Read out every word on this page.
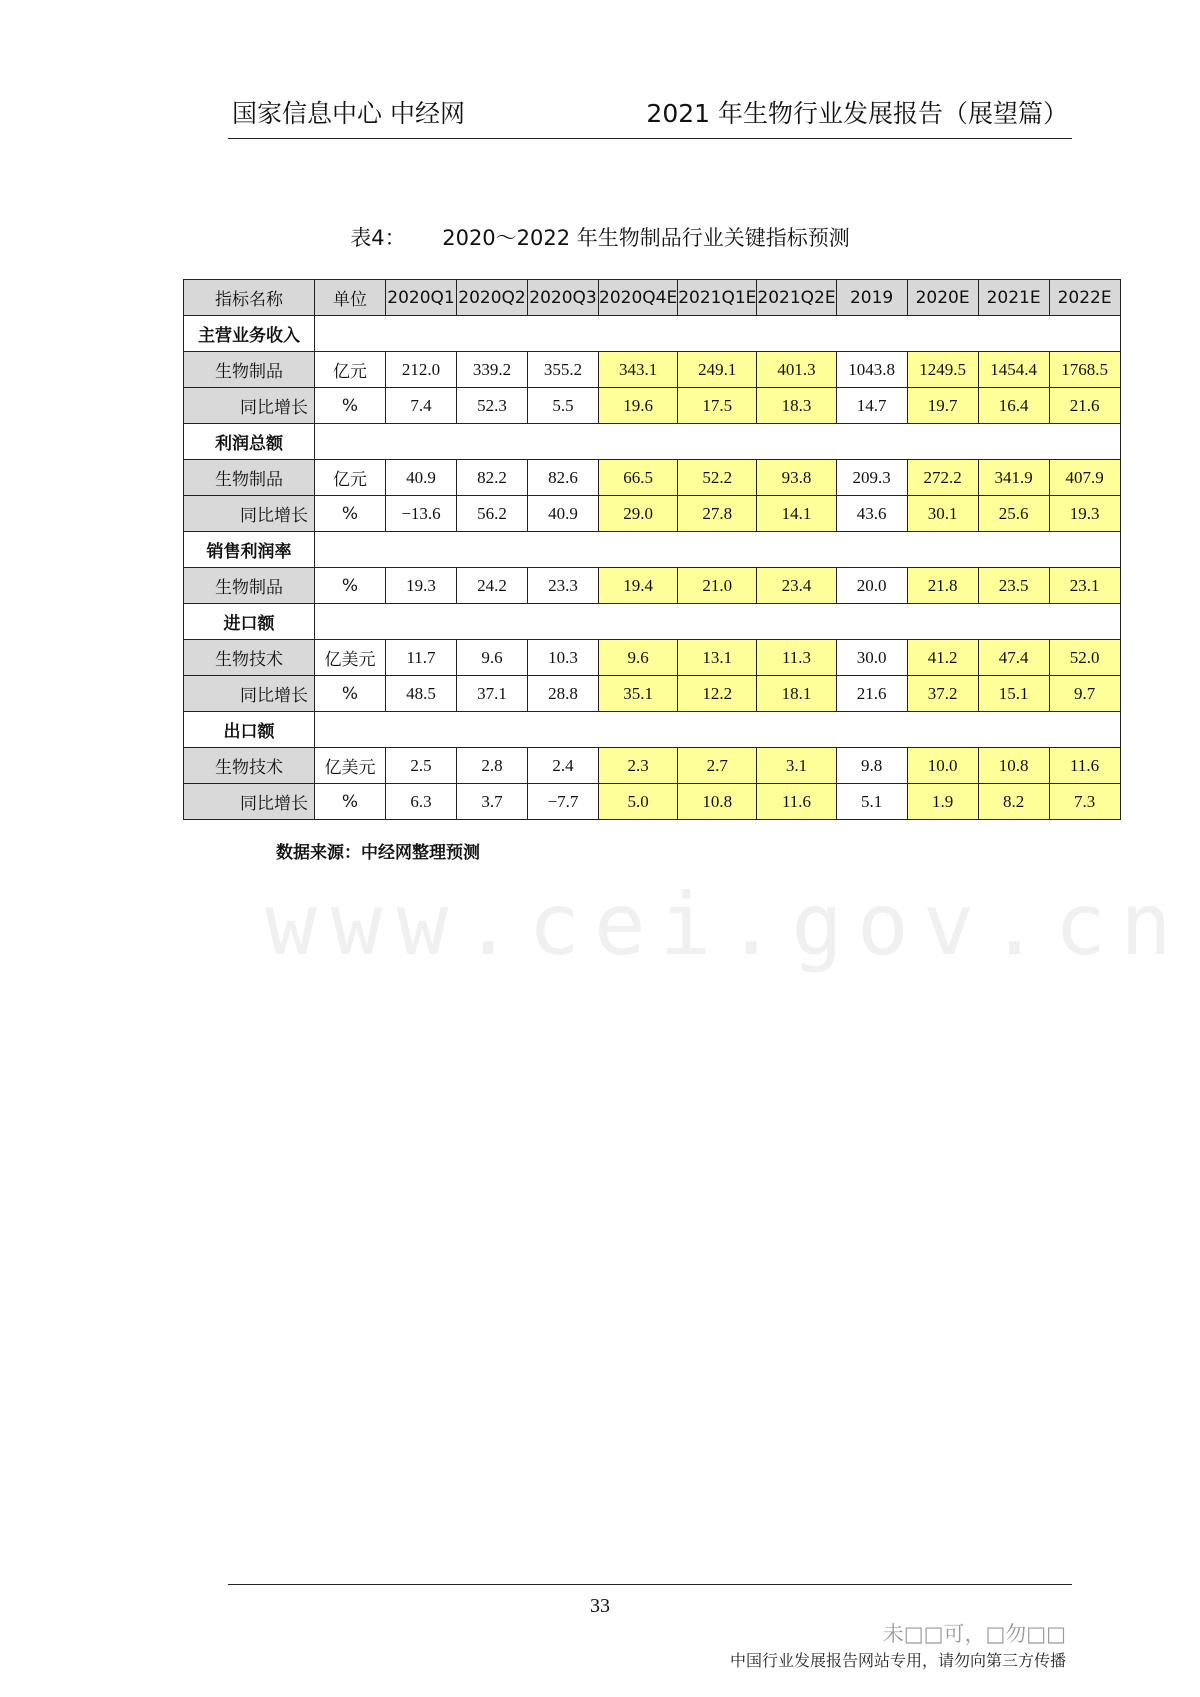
国家信息中心 中经网	2021 年生物行业发展报告（展望篇）
表4： 2020～2022 年生物制品行业关键指标预测
指标名称	单位	2020Q1	2020Q2	2020Q3	2020Q4E	2021Q1E	2021Q2E	2019	2020E	2021E	2022E
主营业务收入											
生物制品	亿元	212.0	339.2	355.2	343.1	249.1	401.3	1043.8	1249.5	1454.4	1768.5
同比增长	%	7.4	52.3	5.5	19.6	17.5	18.3	14.7	19.7	16.4	21.6
利润总额											
生物制品	亿元	40.9	82.2	82.6	66.5	52.2	93.8	209.3	272.2	341.9	407.9
同比增长	%	−13.6	56.2	40.9	29.0	27.8	14.1	43.6	30.1	25.6	19.3
销售利润率											
生物制品	%	19.3	24.2	23.3	19.4	21.0	23.4	20.0	21.8	23.5	23.1
进口额											
生物技术	亿美元	11.7	9.6	10.3	9.6	13.1	11.3	30.0	41.2	47.4	52.0
同比增长	%	48.5	37.1	28.8	35.1	12.2	18.1	21.6	37.2	15.1	9.7
出口额											
生物技术	亿美元	2.5	2.8	2.4	2.3	2.7	3.1	9.8	10.0	10.8	11.6
同比增长	%	6.3	3.7	−7.7	5.0	10.8	11.6	5.1	1.9	8.2	7.3
数据来源：中经网整理预测
www.cei.gov.cn
33
未□□可，□勿□□
中国行业发展报告网站专用，请勿向第三方传播
